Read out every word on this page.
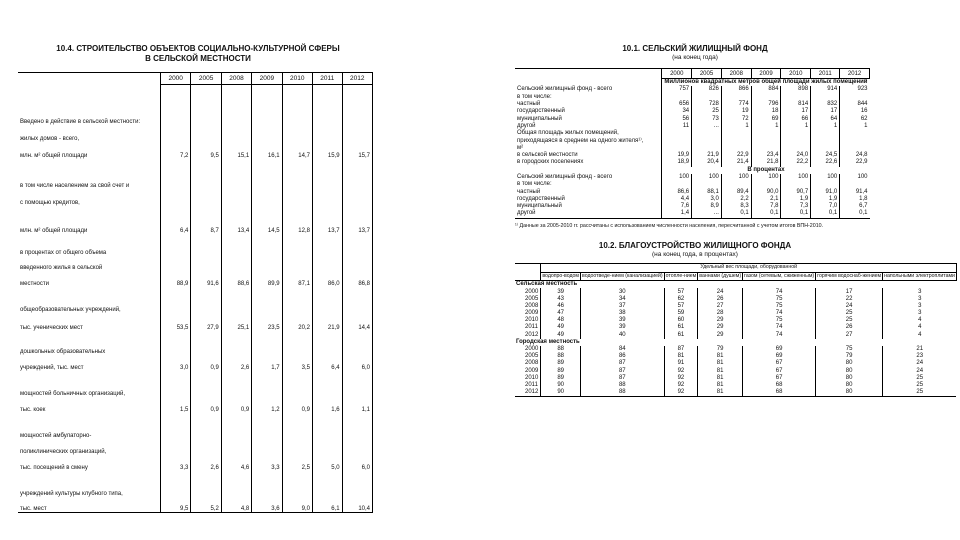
10.4. СТРОИТЕЛЬСТВО ОБЪЕКТОВ СОЦИАЛЬНО-КУЛЬТУРНОЙ СФЕРЫ
В СЕЛЬСКОЙ МЕСТНОСТИ
	2000	2005	2008	2009	2010	2011	2012
Введено в действие в сельской местности:							
жилых домов - всего,							
млн. м² общей площади	7,2	9,5	15,1	16,1	14,7	15,9	15,7
в том числе населением за свой счет и							
с помощью кредитов,							
млн. м² общей площади	6,4	8,7	13,4	14,5	12,8	13,7	13,7
в процентах от общего объема							
введенного жилья в сельской							
местности	88,9	91,6	88,6	89,9	87,1	86,0	86,8
общеобразовательных учреждений,							
тыс. ученических мест	53,5	27,9	25,1	23,5	20,2	21,9	14,4
дошкольных образовательных							
учреждений, тыс. мест	3,0	0,9	2,6	1,7	3,5	6,4	6,0
мощностей больничных организаций,							
тыс. коек	1,5	0,9	0,9	1,2	0,9	1,6	1,1
мощностей амбулаторно-							
поликлинических организаций,							
тыс. посещений в смену	3,3	2,6	4,6	3,3	2,5	5,0	6,0
учреждений культуры клубного типа,							
тыс. мест	9,5	5,2	4,8	3,6	9,0	6,1	10,4
10.1. СЕЛЬСКИЙ ЖИЛИЩНЫЙ ФОНД
(на конец года)
	2000	2005	2008	2009	2010	2011	2012
	Миллионов квадратных метров общей площади жилых помещений						
Сельский жилищный фонд - всего	757	826	866	884	898	914	923
в том числе:							
частный	656	728	774	796	814	832	844
государственный	34	25	19	18	17	17	16
муниципальный	56	73	72	69	66	64	62
другой	11	...	1	1	1	1	1
Общая площадь жилых помещений,							
приходящаяся в среднем на одного жителя¹⁾,							
м²							
в сельской местности	19,9	21,9	22,9	23,4	24,0	24,5	24,8
в городских поселениях	18,9	20,4	21,4	21,8	22,2	22,6	22,9
	В процентах						
Сельский жилищный фонд - всего	100	100	100	100	100	100	100
в том числе:							
частный	86,6	88,1	89,4	90,0	90,7	91,0	91,4
государственный	4,4	3,0	2,2	2,1	1,9	1,9	1,8
муниципальный	7,6	8,9	8,3	7,8	7,3	7,0	6,7
другой	1,4	...	0,1	0,1	0,1	0,1	0,1
¹⁾ Данные за 2005-2010 гг. рассчитаны с использованием численности населения, пересчитанной с учетом итогов ВПН-2010.
10.2. БЛАГОУСТРОЙСТВО ЖИЛИЩНОГО ФОНДА
(на конец года, в процентах)
	Удельный вес площади, оборудованной						
	водопро-водом	водоотведе-нием (канализацией)	отопле-нием	ваннами (душем)	газом (сетевым, сжиженным)	горячим водоснаб-жением	напольными электроплитами
Сельская местность							
2000	39	30	57	24	74	17	3
2005	43	34	62	26	75	22	3
2008	46	37	57	27	75	24	3
2009	47	38	59	28	74	25	3
2010	48	39	60	29	75	25	4
2011	49	39	61	29	74	26	4
2012	49	40	61	29	74	27	4
Городская местность							
2000	88	84	87	79	69	75	21
2005	88	86	81	81	69	79	23
2008	89	87	91	81	67	80	24
2009	89	87	92	81	67	80	24
2010	89	87	92	81	67	80	25
2011	90	88	92	81	68	80	25
2012	90	88	92	81	68	80	25
